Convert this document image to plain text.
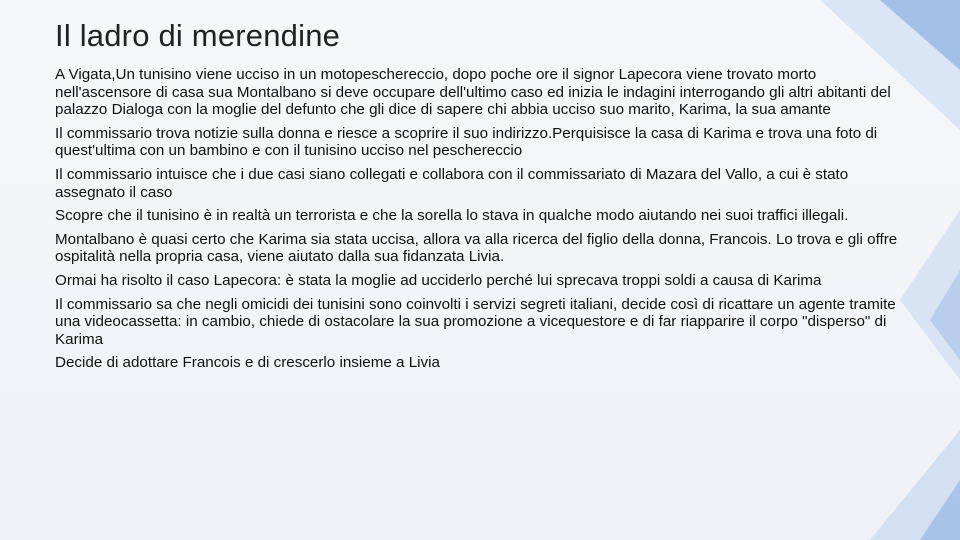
Il ladro di merendine

A Vigata,Un tunisino viene ucciso in un motopeschereccio, dopo poche ore il signor Lapecora viene trovato morto nell'ascensore di casa sua Montalbano si deve occupare dell'ultimo caso ed inizia le indagini interrogando gli altri abitanti del palazzo Dialoga con la moglie del defunto che gli dice di sapere chi abbia ucciso suo marito, Karima, la sua amante

Il commissario trova notizie sulla donna e riesce a scoprire il suo indirizzo.Perquisisce la casa di Karima e trova una foto di quest'ultima con un bambino e con il tunisino ucciso nel peschereccio

Il commissario intuisce che i due casi siano collegati e collabora con il commissariato di Mazara del Vallo, a cui è stato assegnato il caso

Scopre che il tunisino è in realtà un terrorista e che la sorella lo stava in qualche modo aiutando nei suoi traffici illegali.

Montalbano è quasi certo che Karima sia stata uccisa, allora va alla ricerca del figlio della donna, Francois. Lo trova e gli offre ospitalità nella propria casa, viene aiutato dalla sua fidanzata Livia.

Ormai ha risolto il caso Lapecora: è stata la moglie ad ucciderlo perché lui sprecava troppi soldi a causa di Karima

Il commissario sa che negli omicidi dei tunisini sono coinvolti i servizi segreti italiani, decide così di ricattare un agente tramite una videocassetta: in cambio, chiede di ostacolare la sua promozione a vicequestore e di far riapparire il corpo "disperso" di Karima

Decide di adottare Francois e di crescerlo insieme a Livia
